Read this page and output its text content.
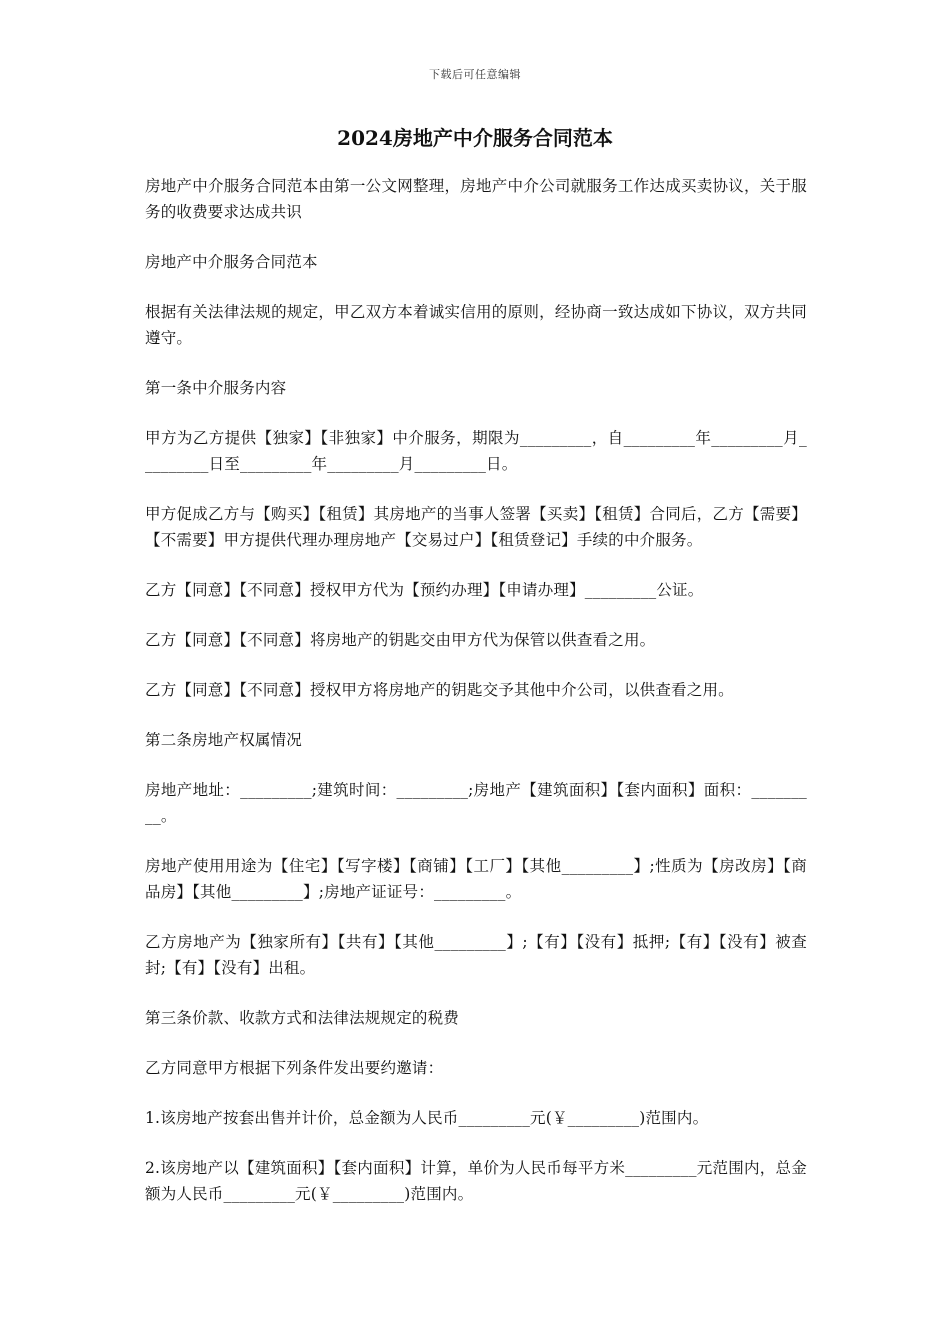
下载后可任意编辑
2024房地产中介服务合同范本

房地产中介服务合同范本由第一公文网整理，房地产中介公司就服务工作达成买卖协议，关于服务的收费要求达成共识

房地产中介服务合同范本

根据有关法律法规的规定，甲乙双方本着诚实信用的原则，经协商一致达成如下协议，双方共同遵守。

第一条中介服务内容

甲方为乙方提供【独家】【非独家】中介服务，期限为_________，自_________年_________月_________日至_________年_________月_________日。

甲方促成乙方与【购买】【租赁】其房地产的当事人签署【买卖】【租赁】合同后，乙方【需要】【不需要】甲方提供代理办理房地产【交易过户】【租赁登记】手续的中介服务。

乙方【同意】【不同意】授权甲方代为【预约办理】【申请办理】_________公证。

乙方【同意】【不同意】将房地产的钥匙交由甲方代为保管以供查看之用。

乙方【同意】【不同意】授权甲方将房地产的钥匙交予其他中介公司，以供查看之用。

第二条房地产权属情况

房地产地址：_________;建筑时间：_________;房地产【建筑面积】【套内面积】面积：_________。

房地产使用用途为【住宅】【写字楼】【商铺】【工厂】【其他_________】;性质为【房改房】【商品房】【其他_________】;房地产证证号：_________。

乙方房地产为【独家所有】【共有】【其他_________】;【有】【没有】抵押;【有】【没有】被查封;【有】【没有】出租。

第三条价款、收款方式和法律法规规定的税费

乙方同意甲方根据下列条件发出要约邀请：

1.该房地产按套出售并计价，总金额为人民币_________元(￥_________)范围内。

2.该房地产以【建筑面积】【套内面积】计算，单价为人民币每平方米_________元范围内，总金额为人民币_________元(￥_________)范围内。
